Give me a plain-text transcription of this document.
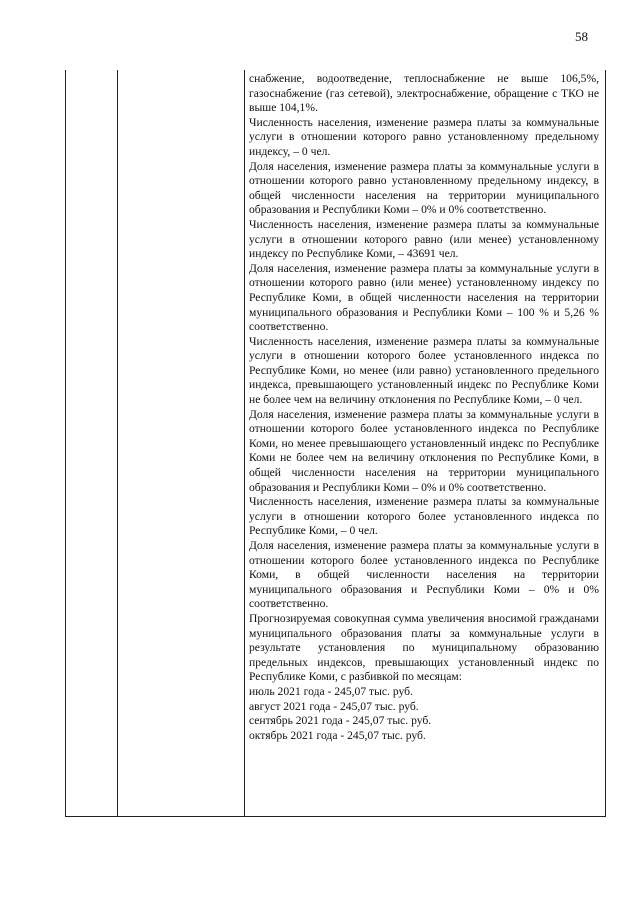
58

снабжение, водоотведение, теплоснабжение не выше 106,5%, газоснабжение (газ сетевой), электроснабжение, обращение с ТКО не выше 104,1%.

Численность населения, изменение размера платы за коммунальные услуги в отношении которого равно установленному предельному индексу, – 0 чел.

Доля населения, изменение размера платы за коммунальные услуги в отношении которого равно установленному предельному индексу, в общей численности населения на территории муниципального образования и Республики Коми – 0% и 0% соответственно.

Численность населения, изменение размера платы за коммунальные услуги в отношении которого равно (или менее) установленному индексу по Республике Коми, – 43691 чел.

Доля населения, изменение размера платы за коммунальные услуги в отношении которого равно (или менее) установленному индексу по Республике Коми, в общей численности населения на территории муниципального образования и Республики Коми – 100 % и 5,26 % соответственно.

Численность населения, изменение размера платы за коммунальные услуги в отношении которого более установленного индекса по Республике Коми, но менее (или равно) установленного предельного индекса, превышающего установленный индекс по Республике Коми не более чем на величину отклонения по Республике Коми, – 0 чел.

Доля населения, изменение размера платы за коммунальные услуги в отношении которого более установленного индекса по Республике Коми, но менее превышающего установленный индекс по Республике Коми не более чем на величину отклонения по Республике Коми, в общей численности населения на территории муниципального образования и Республики Коми – 0% и 0% соответственно.

Численность населения, изменение размера платы за коммунальные услуги в отношении которого более установленного индекса по Республике Коми, – 0 чел.

Доля населения, изменение размера платы за коммунальные услуги в отношении которого более установленного индекса по Республике Коми, в общей численности населения на территории муниципального образования и Республики Коми – 0% и 0% соответственно.

Прогнозируемая совокупная сумма увеличения вносимой гражданами муниципального образования платы за коммунальные услуги в результате установления по муниципальному образованию предельных индексов, превышающих установленный индекс по Республике Коми, с разбивкой по месяцам:

июль 2021 года - 245,07 тыс. руб.

август 2021 года - 245,07 тыс. руб.

сентябрь 2021 года - 245,07 тыс. руб.

октябрь 2021 года - 245,07 тыс. руб.
